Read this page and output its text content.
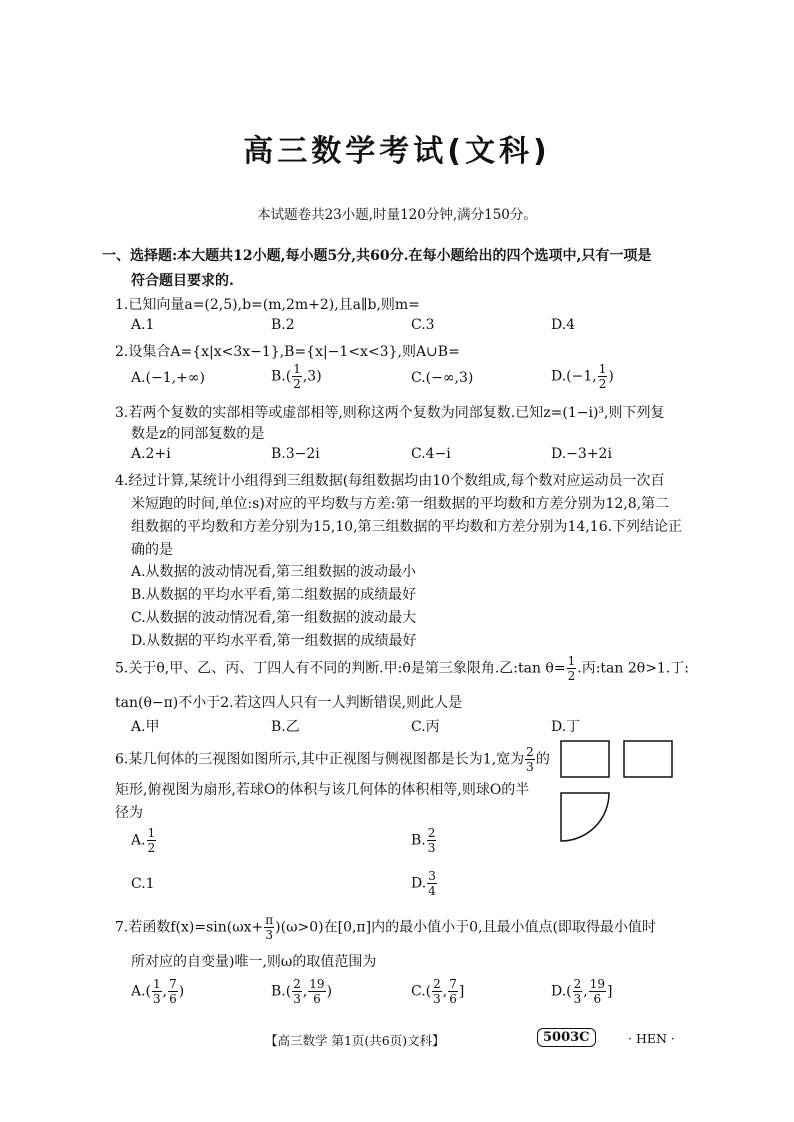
高三数学考试(文科)
本试题卷共23小题,时量120分钟,满分150分。
一、选择题:本大题共12小题,每小题5分,共60分.在每小题给出的四个选项中,只有一项是
符合题目要求的.
1.已知向量a=(2,5),b=(m,2m+2),且a∥b,则m=
A.1	B.2	C.3	D.4
2.设集合A={x|x<3x−1},B={x|−1<x<3},则A∪B=
A.(−1,+∞)	$B.( \frac{1}{2} ,3)$	C.(−∞,3)	D.(−1, $\frac{1}{2}$ )
3.若两个复数的实部相等或虚部相等,则称这两个复数为同部复数.已知z=(1−i)³,则下列复
数是z的同部复数的是
A.2+i	B.3−2i	C.4−i	D.−3+2i
4.经过计算,某统计小组得到三组数据(每组数据均由10个数组成,每个数对应运动员一次百
米短跑的时间,单位:s)对应的平均数与方差:第一组数据的平均数和方差分别为12,8,第二
组数据的平均数和方差分别为15,10,第三组数据的平均数和方差分别为14,16.下列结论正
确的是
A.从数据的波动情况看,第三组数据的波动最小
B.从数据的平均水平看,第二组数据的成绩最好
C.从数据的波动情况看,第一组数据的波动最大
D.从数据的平均水平看,第一组数据的成绩最好
5.关于θ,甲、乙、丙、丁四人有不同的判断.甲:θ是第三象限角.乙:tan $\theta= \frac{1}{2}$ .丙:tan 2θ>1.丁:
tan(θ−π)不小于2.若这四人只有一人判断错误,则此人是
A.甲	B.乙	C.丙	D.丁
6.某几何体的三视图如图所示,其中正视图与侧视图都是长为1,宽为 $\frac{2}{3}$ 的
矩形,俯视图为扇形,若球O的体积与该几何体的体积相等,则球O的半
径为
A. $\frac{1}{2}$	B. $\frac{2}{3}$
C.1	D. $\frac{3}{4}$
7.若函数$f(x)=\sin(\omega x+ \frac{\pi}{3} )(\omega>0)$在[0,π]内的最小值小于0,且最小值点(即取得最小值时
所对应的自变量)唯一,则ω的取值范围为
$A.( \frac{1}{3}$ , $\frac{7}{6}$ )	$B.( \frac{2}{3}$ , $\frac{19}{6}$ )	$C.( \frac{2}{3}$ , $\frac{7}{6}$ ]	$D.( \frac{2}{3}$ , $\frac{19}{6}$ ]
【高三数学 第1页(共6页)文科】	5003C	· HEN ·
